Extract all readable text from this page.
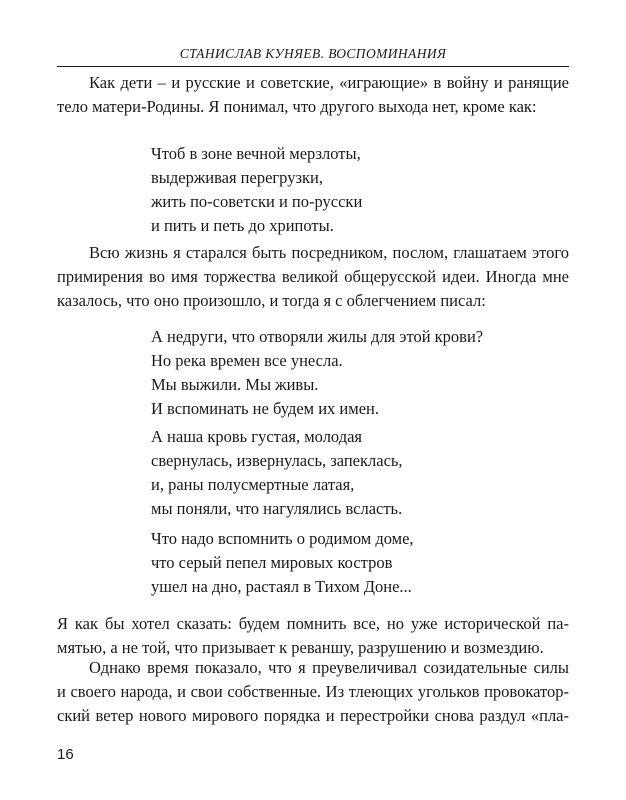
СТАНИСЛАВ КУНЯЕВ. ВОСПОМИНАНИЯ
Как дети – и русские и советские, «играющие» в войну и ранящие
тело матери-Родины. Я понимал, что другого выхода нет, кроме как:
Чтоб в зоне вечной мерзлоты,
выдерживая перегрузки,
жить по-советски и по-русски
и пить и петь до хрипоты.
Всю жизнь я старался быть посредником, послом, глашатаем этого
примирения во имя торжества великой общерусской идеи. Иногда мне
казалось, что оно произошло, и тогда я с облегчением писал:
А недруги, что отворяли жилы для этой крови?
Но река времен все унесла.
Мы выжили. Мы живы.
И вспоминать не будем их имен.
А наша кровь густая, молодая
свернулась, извернулась, запеклась,
и, раны полусмертные латая,
мы поняли, что нагулялись всласть.
Что надо вспомнить о родимом доме,
что серый пепел мировых костров
ушел на дно, растаял в Тихом Доне...
Я как бы хотел сказать: будем помнить все, но уже исторической па-
мятью, а не той, что призывает к реваншу, разрушению и возмездию.
Однако время показало, что я преувеличивал созидательные силы
и своего народа, и свои собственные. Из тлеющих угольков провокатор-
ский ветер нового мирового порядка и перестройки снова раздул «пла-
16
